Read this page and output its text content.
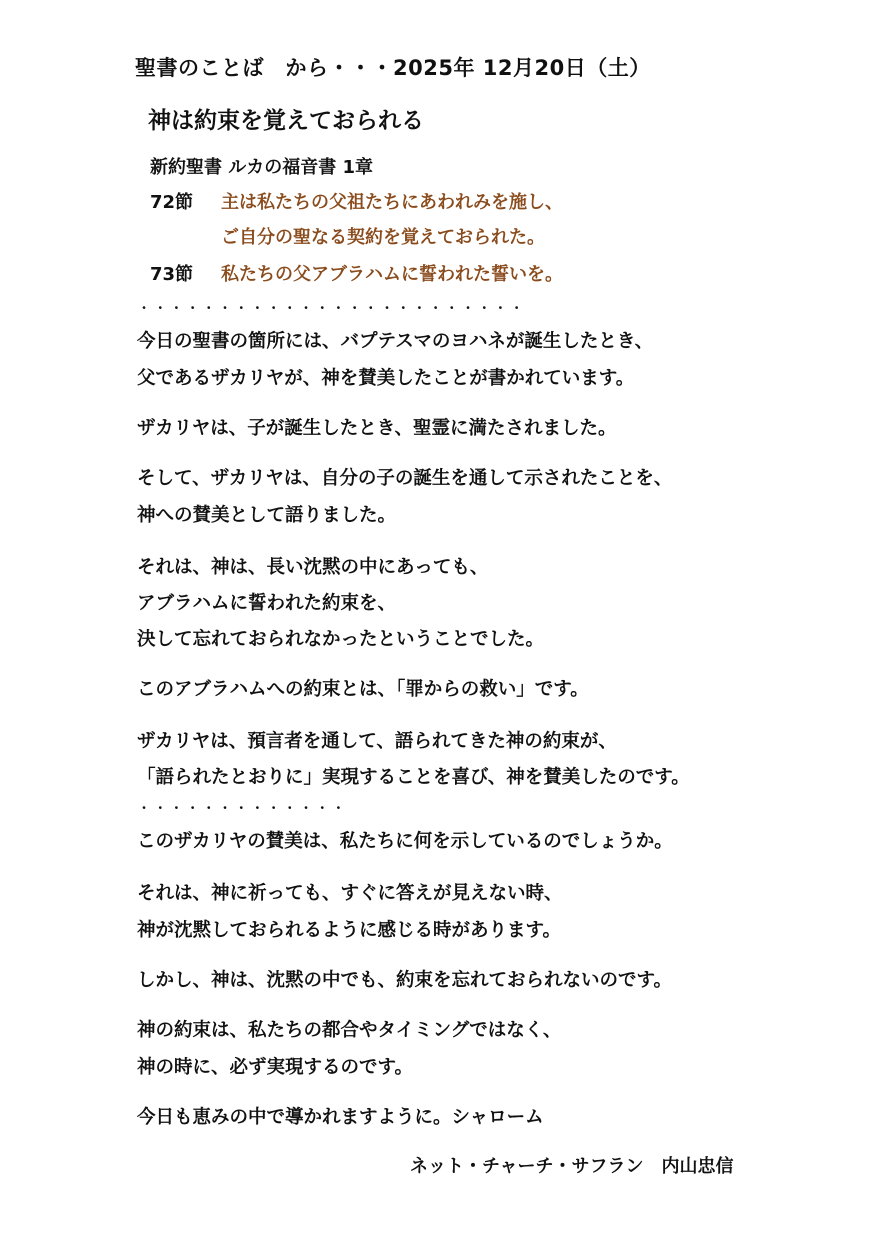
聖書のことば　から・・・2025年 12月20日（土）
神は約束を覚えておられる
新約聖書 ルカの福音書 1章
72節 主は私たちの父祖たちにあわれみを施し、
ご自分の聖なる契約を覚えておられた。
73節 私たちの父アブラハムに誓われた誓いを。
・・・・・・・・・・・・・・・・・・・・・・・・
今日の聖書の箇所には、バプテスマのヨハネが誕生したとき、
父であるザカリヤが、神を賛美したことが書かれています。
ザカリヤは、子が誕生したとき、聖霊に満たされました。
そして、ザカリヤは、自分の子の誕生を通して示されたことを、
神への賛美として語りました。
それは、神は、長い沈黙の中にあっても、
アブラハムに誓われた約束を、
決して忘れておられなかったということでした。
このアブラハムへの約束とは、「罪からの救い」です。
ザカリヤは、預言者を通して、語られてきた神の約束が、
「語られたとおりに」実現することを喜び、神を賛美したのです。
・・・・・・・・・・・・・
このザカリヤの賛美は、私たちに何を示しているのでしょうか。
それは、神に祈っても、すぐに答えが見えない時、
神が沈黙しておられるように感じる時があります。
しかし、神は、沈黙の中でも、約束を忘れておられないのです。
神の約束は、私たちの都合やタイミングではなく、
神の時に、必ず実現するのです。
今日も恵みの中で導かれますように。シャローム
ネット・チャーチ・サフラン　内山忠信
